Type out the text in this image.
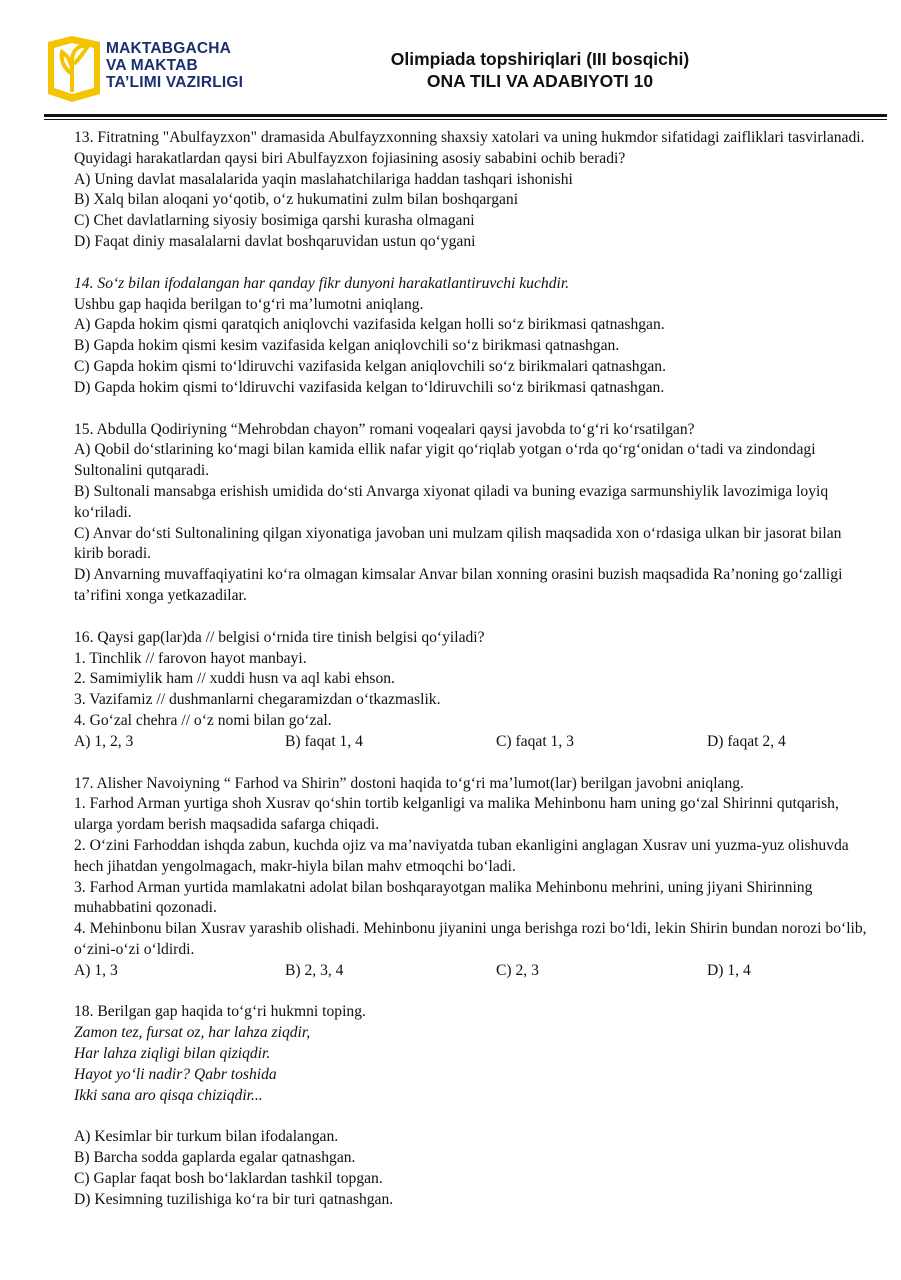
MAKTABGACHA
VA MAKTAB
TA’LIMI VAZIRLIGI
Olimpiada topshiriqlari (III bosqichi)
ONA TILI VA ADABIYOTI 10

13. Fitratning "Abulfayzxon" dramasida Abulfayzxonning shaxsiy xatolari va uning hukmdor sifatidagi zaifliklari tasvirlanadi. Quyidagi harakatlardan qaysi biri Abulfayzxon fojiasining asosiy sababini ochib beradi?

A) Uning davlat masalalarida yaqin maslahatchilariga haddan tashqari ishonishi

B) Xalq bilan aloqani yo‘qotib, o‘z hukumatini zulm bilan boshqargani

C) Chet davlatlarning siyosiy bosimiga qarshi kurasha olmagani

D) Faqat diniy masalalarni davlat boshqaruvidan ustun qo‘ygani

14. So‘z bilan ifodalangan har qanday fikr dunyoni harakatlantiruvchi kuchdir.

Ushbu gap haqida berilgan to‘g‘ri ma’lumotni aniqlang.

A) Gapda hokim qismi qaratqich aniqlovchi vazifasida kelgan holli so‘z birikmasi qatnashgan.

B) Gapda hokim qismi kesim vazifasida kelgan aniqlovchili so‘z birikmasi qatnashgan.

C) Gapda hokim qismi to‘ldiruvchi vazifasida kelgan aniqlovchili so‘z birikmalari qatnashgan.

D) Gapda hokim qismi to‘ldiruvchi vazifasida kelgan to‘ldiruvchili so‘z birikmasi qatnashgan.

15. Abdulla Qodiriyning “Mehrobdan chayon” romani voqealari qaysi javobda to‘g‘ri ko‘rsatilgan?

A) Qobil do‘stlarining ko‘magi bilan kamida ellik nafar yigit qo‘riqlab yotgan o‘rda qo‘rg‘onidan o‘tadi va zindondagi Sultonalini qutqaradi.

B) Sultonali mansabga erishish umidida do‘sti Anvarga xiyonat qiladi va buning evaziga sarmunshiylik lavozimiga loyiq ko‘riladi.

C) Anvar do‘sti Sultonalining qilgan xiyonatiga javoban uni mulzam qilish maqsadida xon o‘rdasiga ulkan bir jasorat bilan kirib boradi.

D) Anvarning muvaffaqiyatini ko‘ra olmagan kimsalar Anvar bilan xonning orasini buzish maqsadida Ra’noning go‘zalligi ta’rifini xonga yetkazadilar.

16. Qaysi gap(lar)da // belgisi o‘rnida tire tinish belgisi qo‘yiladi?

1. Tinchlik // farovon hayot manbayi.

2. Samimiylik ham // xuddi husn va aql kabi ehson.

3. Vazifamiz // dushmanlarni chegaramizdan o‘tkazmaslik.

4. Go‘zal chehra // o‘z nomi bilan go‘zal.

A) 1, 2, 3	B) faqat 1, 4	C) faqat 1, 3	D) faqat 2, 4

17. Alisher Navoiyning “ Farhod va Shirin” dostoni haqida to‘g‘ri ma’lumot(lar) berilgan javobni aniqlang.

1. Farhod Arman yurtiga shoh Xusrav qo‘shin tortib kelganligi va malika Mehinbonu ham uning go‘zal Shirinni qutqarish, ularga yordam berish maqsadida safarga chiqadi.

2. O‘zini Farhoddan ishqda zabun, kuchda ojiz va ma’naviyatda tuban ekanligini anglagan Xusrav uni yuzma-yuz olishuvda hech jihatdan yengolmagach, makr-hiyla bilan mahv etmoqchi bo‘ladi.

3. Farhod Arman yurtida mamlakatni adolat bilan boshqarayotgan malika Mehinbonu mehrini, uning jiyani Shirinning muhabbatini qozonadi.

4. Mehinbonu bilan Xusrav yarashib olishadi. Mehinbonu jiyanini unga berishga rozi bo‘ldi, lekin Shirin bundan norozi bo‘lib, o‘zini-o‘zi o‘ldirdi.

A) 1, 3	B) 2, 3, 4	C) 2, 3	D) 1, 4

18. Berilgan gap haqida to‘g‘ri hukmni toping.

Zamon tez, fursat oz, har lahza ziqdir,

Har lahza ziqligi bilan qiziqdir.

Hayot yo‘li nadir? Qabr toshida

Ikki sana aro qisqa chiziqdir...

A) Kesimlar bir turkum bilan ifodalangan.

B) Barcha sodda gaplarda egalar qatnashgan.

C) Gaplar faqat bosh bo‘laklardan tashkil topgan.

D) Kesimning tuzilishiga ko‘ra bir turi qatnashgan.
